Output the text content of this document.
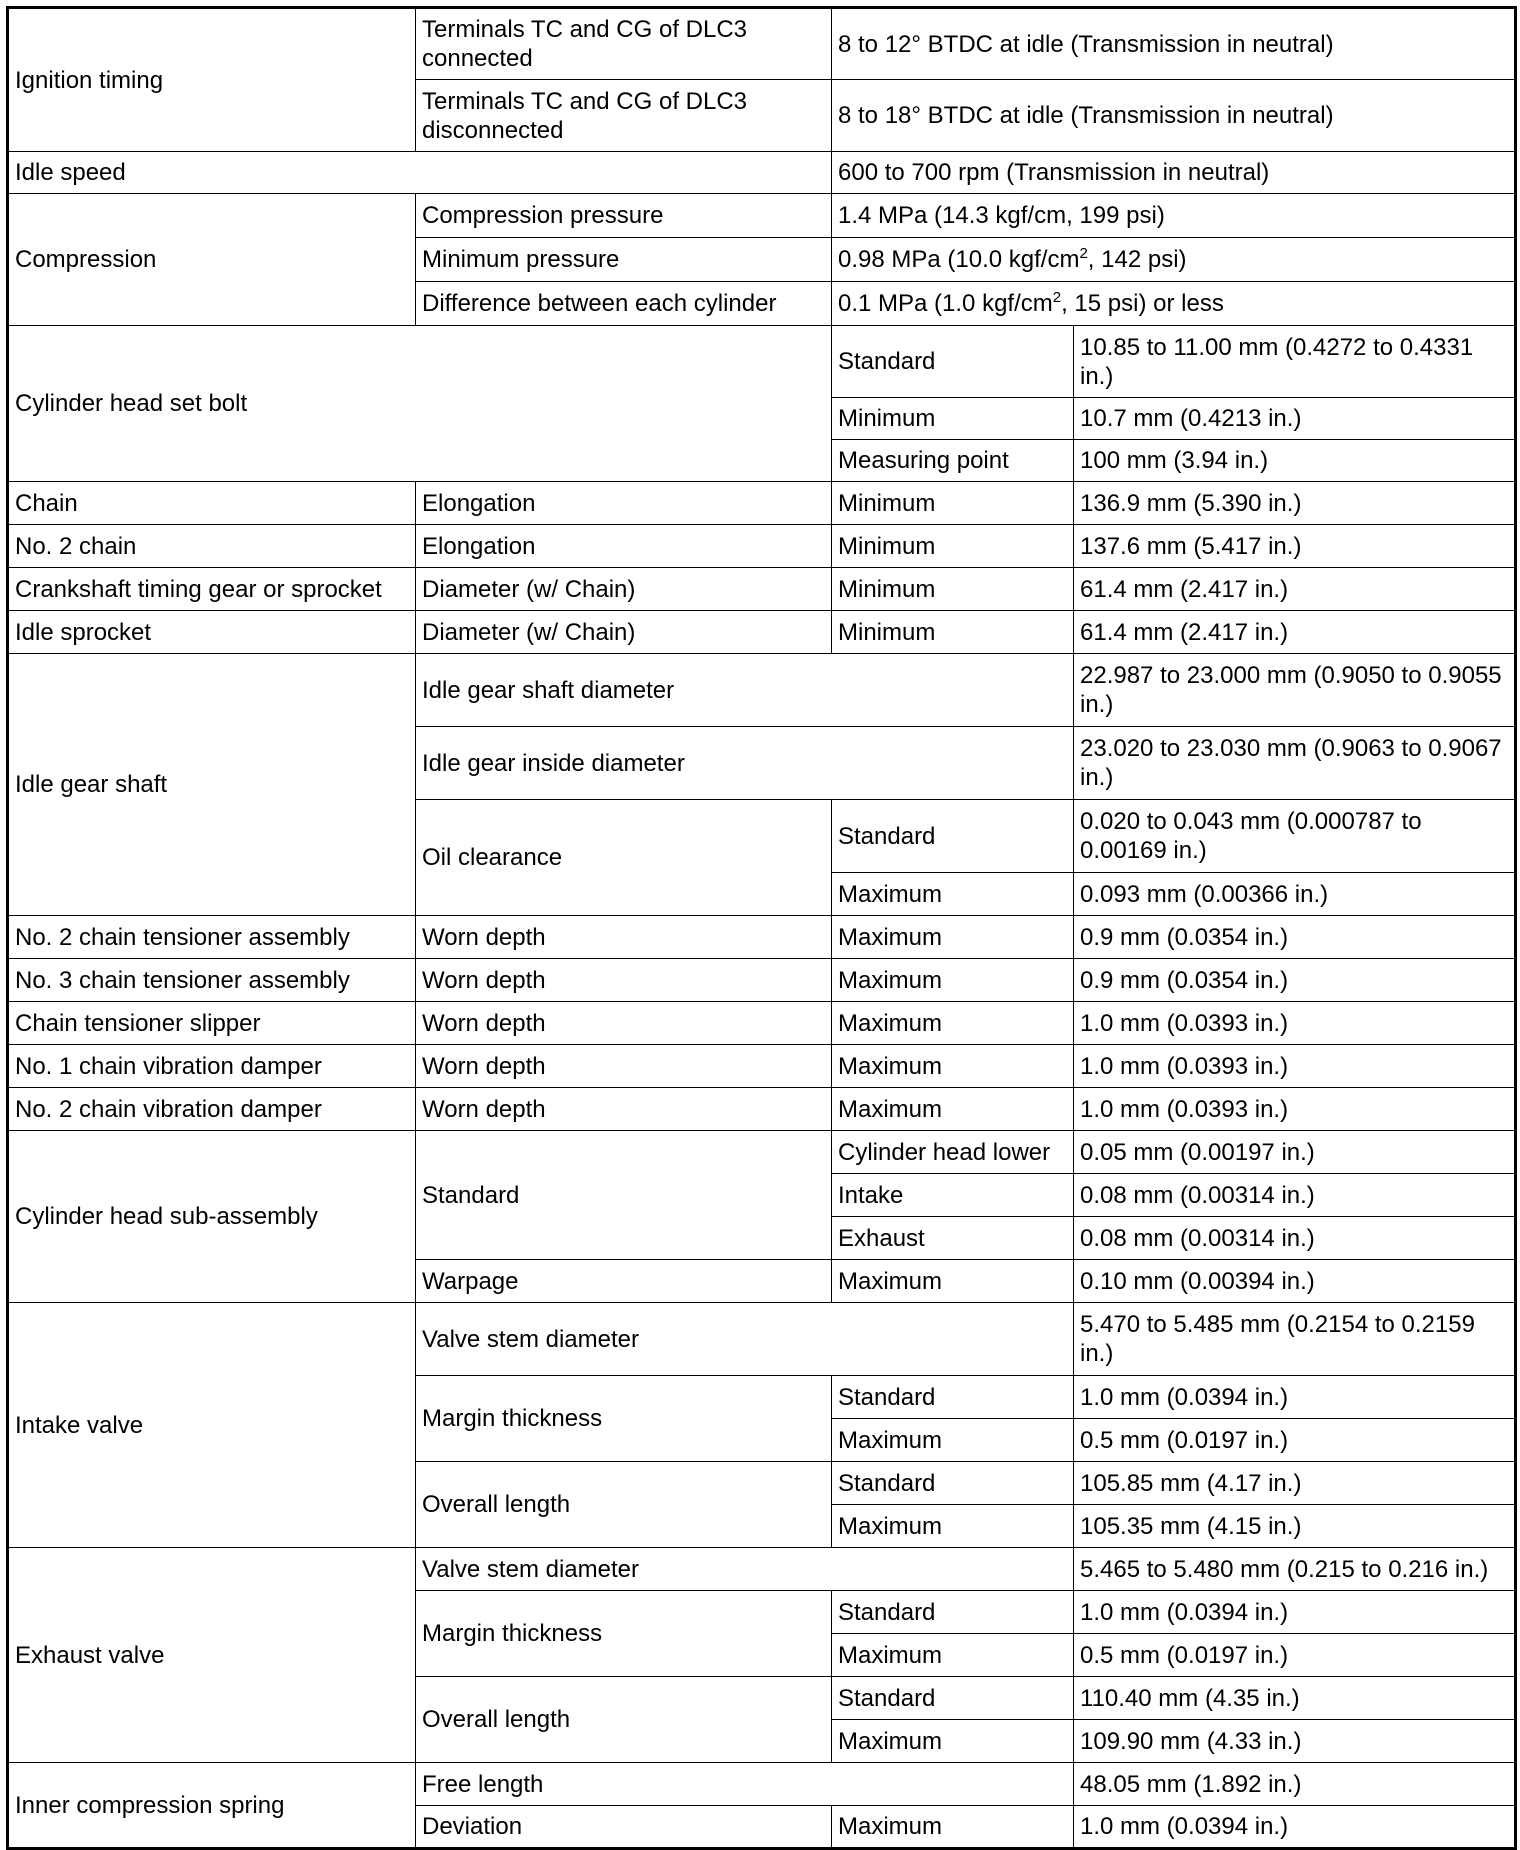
Ignition timing	Terminals TC and CG of DLC3 connected	8 to 12° BTDC at idle (Transmission in neutral)	
	Terminals TC and CG of DLC3 disconnected	8 to 18° BTDC at idle (Transmission in neutral)	
Idle speed		600 to 700 rpm (Transmission in neutral)	
Compression	Compression pressure	1.4 MPa (14.3 kgf/cm, 199 psi)	
	Minimum pressure	0.98 MPa (10.0 kgf/$cm^2$, 142 psi)	
	Difference between each cylinder	0.1 MPa (1.0 kgf/$cm^2$, 15 psi) or less	
Cylinder head set bolt		Standard	10.85 to 11.00 mm (0.4272 to 0.4331 in.)
		Minimum	10.7 mm (0.4213 in.)
		Measuring point	100 mm (3.94 in.)
Chain	Elongation	Minimum	136.9 mm (5.390 in.)
No. 2 chain	Elongation	Minimum	137.6 mm (5.417 in.)
Crankshaft timing gear or sprocket	Diameter (w/ Chain)	Minimum	61.4 mm (2.417 in.)
Idle sprocket	Diameter (w/ Chain)	Minimum	61.4 mm (2.417 in.)
Idle gear shaft	Idle gear shaft diameter		22.987 to 23.000 mm (0.9050 to 0.9055 in.)
	Idle gear inside diameter		23.020 to 23.030 mm (0.9063 to 0.9067 in.)
	Oil clearance	Standard	0.020 to 0.043 mm (0.000787 to 0.00169 in.)
		Maximum	0.093 mm (0.00366 in.)
No. 2 chain tensioner assembly	Worn depth	Maximum	0.9 mm (0.0354 in.)
No. 3 chain tensioner assembly	Worn depth	Maximum	0.9 mm (0.0354 in.)
Chain tensioner slipper	Worn depth	Maximum	1.0 mm (0.0393 in.)
No. 1 chain vibration damper	Worn depth	Maximum	1.0 mm (0.0393 in.)
No. 2 chain vibration damper	Worn depth	Maximum	1.0 mm (0.0393 in.)
Cylinder head sub-assembly	Standard	Cylinder head lower	0.05 mm (0.00197 in.)
		Intake	0.08 mm (0.00314 in.)
		Exhaust	0.08 mm (0.00314 in.)
	Warpage	Maximum	0.10 mm (0.00394 in.)
Intake valve	Valve stem diameter		5.470 to 5.485 mm (0.2154 to 0.2159 in.)
	Margin thickness	Standard	1.0 mm (0.0394 in.)
		Maximum	0.5 mm (0.0197 in.)
	Overall length	Standard	105.85 mm (4.17 in.)
		Maximum	105.35 mm (4.15 in.)
Exhaust valve	Valve stem diameter		5.465 to 5.480 mm (0.215 to 0.216 in.)
	Margin thickness	Standard	1.0 mm (0.0394 in.)
		Maximum	0.5 mm (0.0197 in.)
	Overall length	Standard	110.40 mm (4.35 in.)
		Maximum	109.90 mm (4.33 in.)
Inner compression spring	Free length		48.05 mm (1.892 in.)
	Deviation	Maximum	1.0 mm (0.0394 in.)
